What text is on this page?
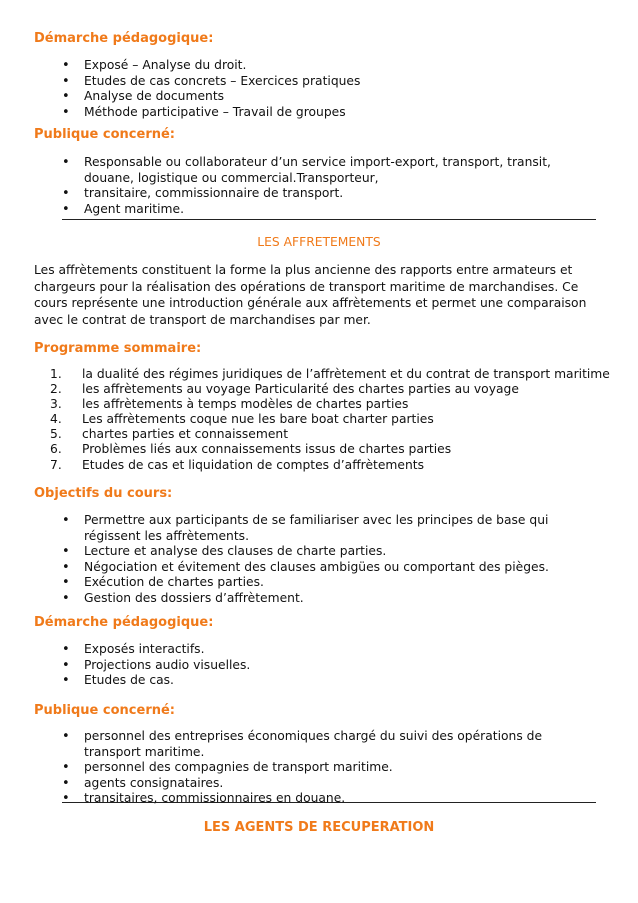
Démarche pédagogique:
• Exposé – Analyse du droit.
• Etudes de cas concrets – Exercices pratiques
• Analyse de documents
• Méthode participative – Travail de groupes
Publique concerné:
• Responsable ou collaborateur d’un service import-export, transport, transit, douane, logistique ou commercial.Transporteur,
• transitaire, commissionnaire de transport.
• Agent maritime.
LES AFFRETEMENTS

Les affrètements constituent la forme la plus ancienne des rapports entre armateurs et chargeurs pour la réalisation des opérations de transport maritime de marchandises. Ce cours représente une introduction générale aux affrètements et permet une comparaison avec le contrat de transport de marchandises par mer.

Programme sommaire:
1. la dualité des régimes juridiques de l’affrètement et du contrat de transport maritime
2. les affrètements au voyage Particularité des chartes parties au voyage
3. les affrètements à temps modèles de chartes parties
4. Les affrètements coque nue les bare boat charter parties
5. chartes parties et connaissement
6. Problèmes liés aux connaissements issus de chartes parties
7. Etudes de cas et liquidation de comptes d’affrètements
Objectifs du cours:
• Permettre aux participants de se familiariser avec les principes de base qui régissent les affrètements.
• Lecture et analyse des clauses de charte parties.
• Négociation et évitement des clauses ambigües ou comportant des pièges.
• Exécution de chartes parties.
• Gestion des dossiers d’affrètement.
Démarche pédagogique:
• Exposés interactifs.
• Projections audio visuelles.
• Etudes de cas.
Publique concerné:
• personnel des entreprises économiques chargé du suivi des opérations de transport maritime.
• personnel des compagnies de transport maritime.
• agents consignataires.
• transitaires, commissionnaires en douane.
LES AGENTS DE RECUPERATION
